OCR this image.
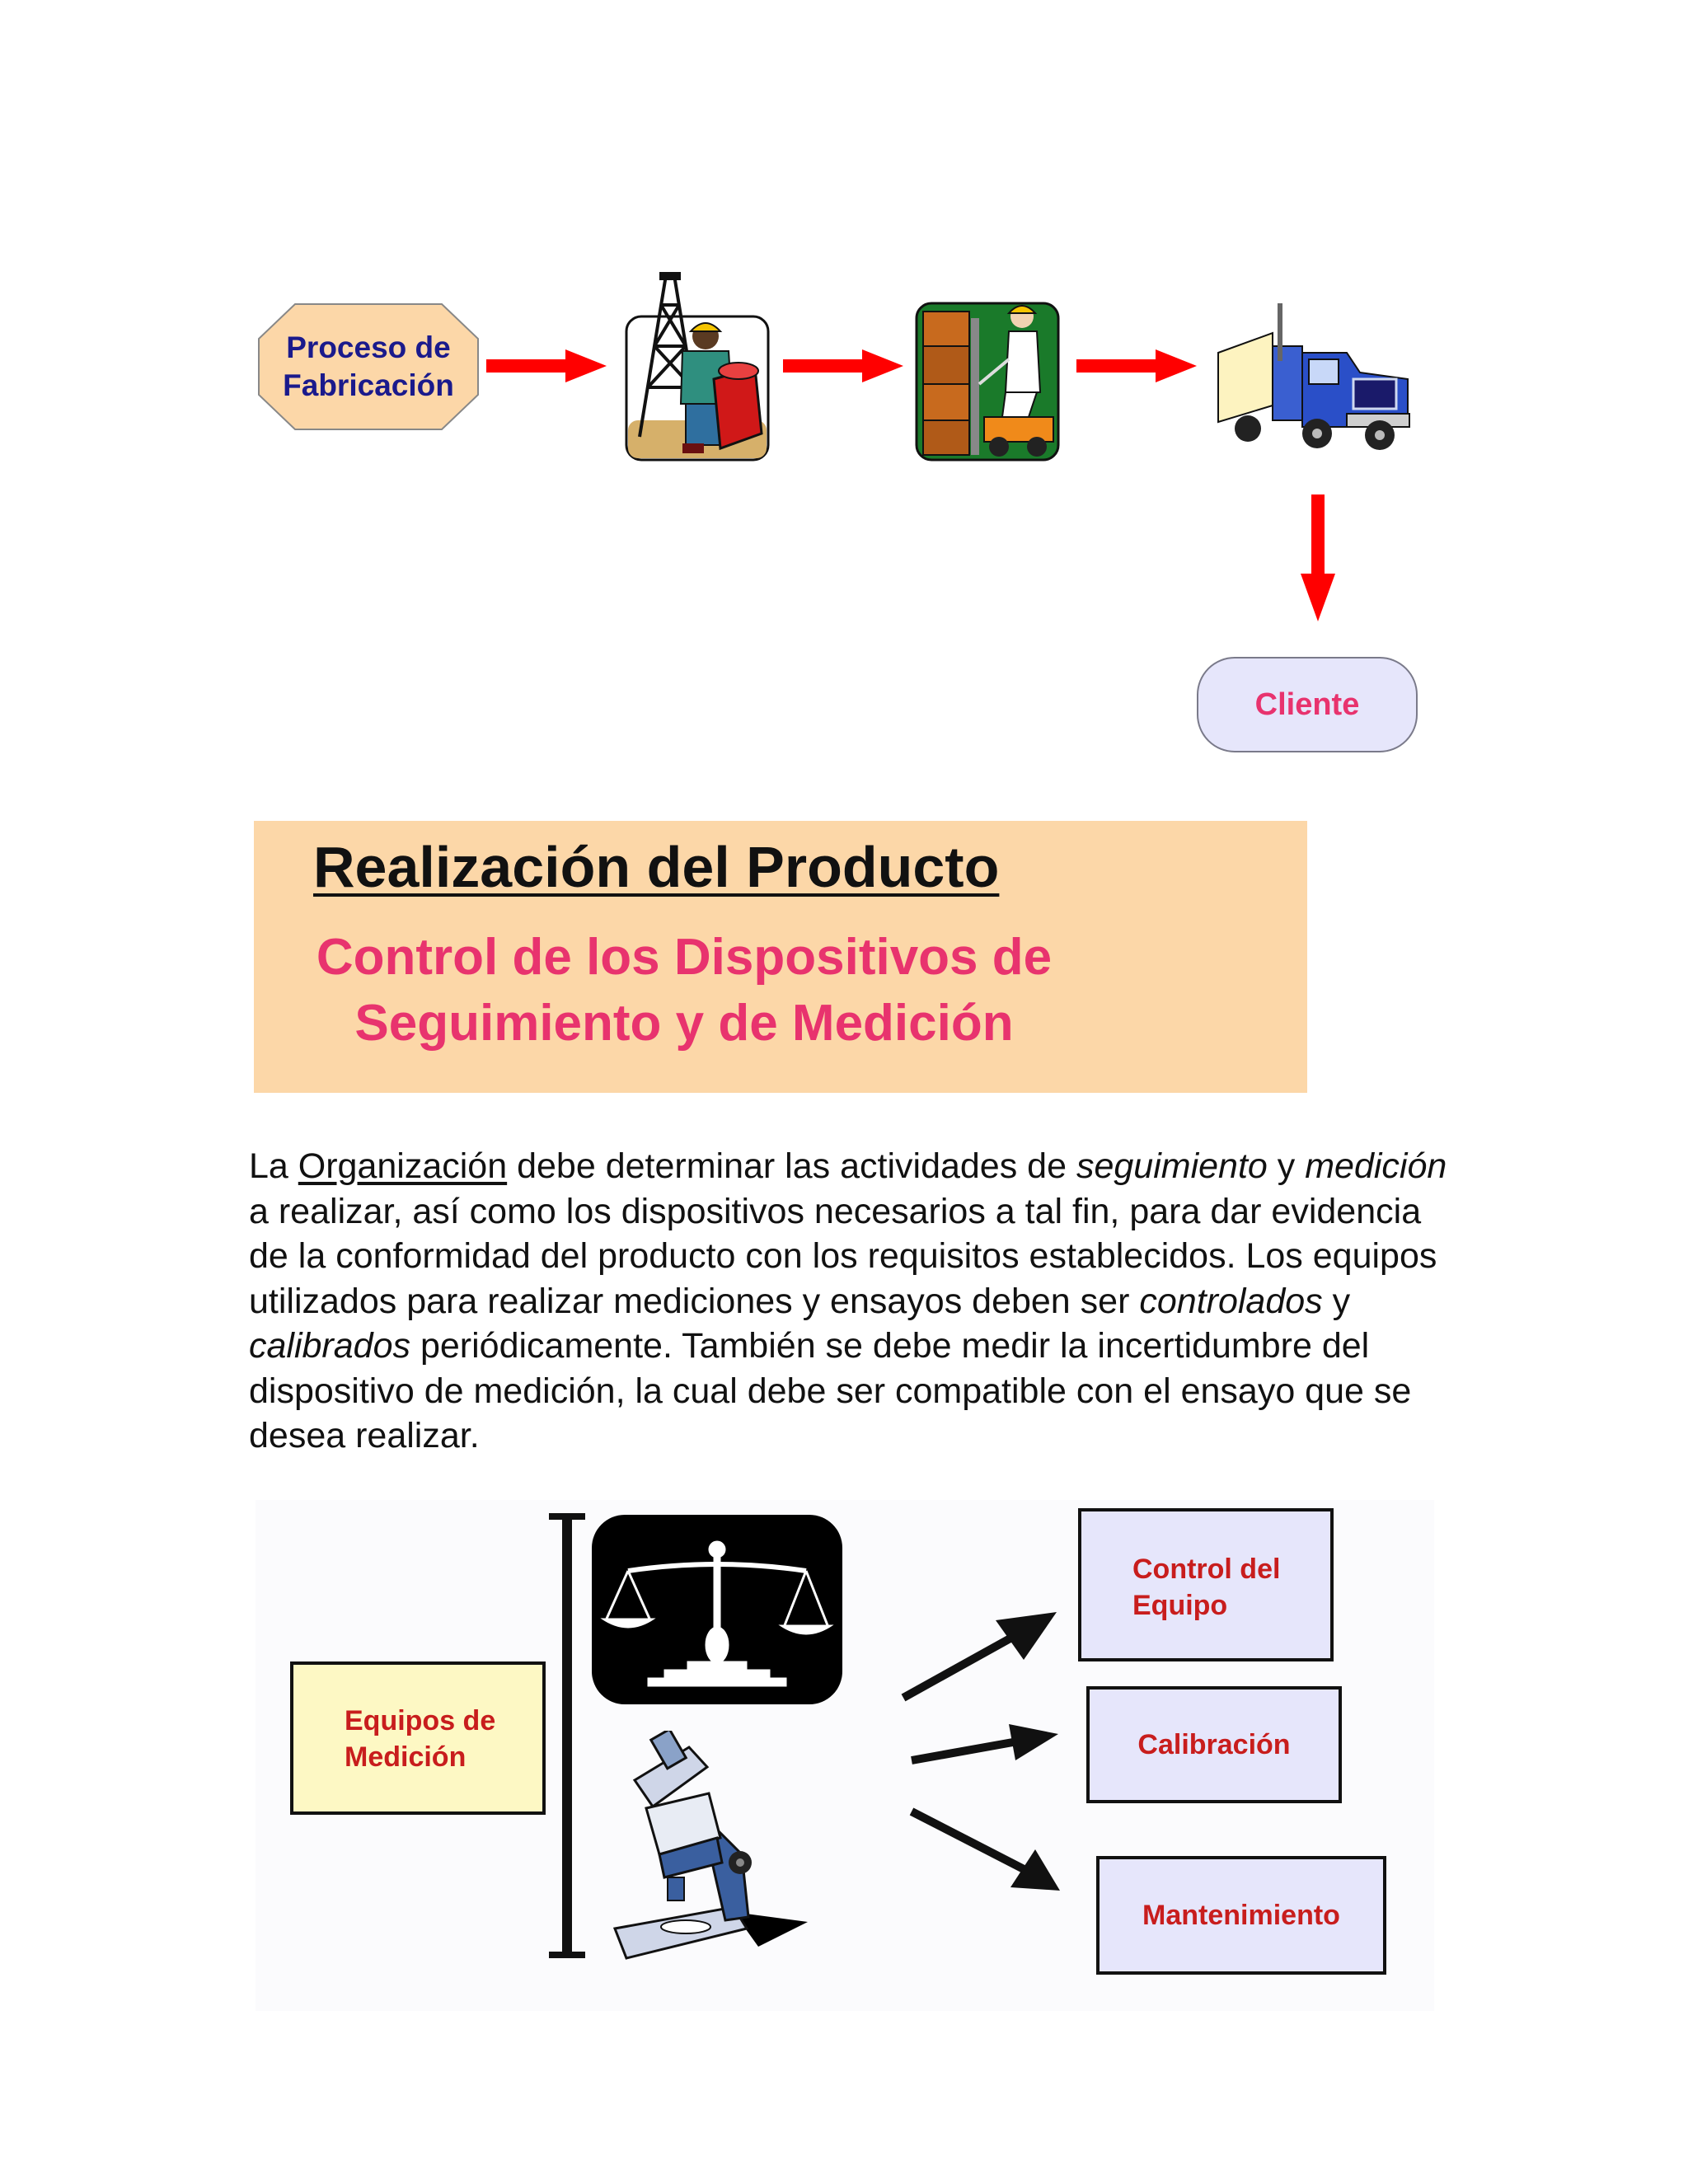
Proceso de
Fabricación
Cliente
Realización del Producto
Control de los Dispositivos de
Seguimiento y de Medición
La Organización debe determinar las actividades de seguimiento y medición a realizar, así como los dispositivos necesarios a tal fin, para dar evidencia de la conformidad del producto con los requisitos establecidos. Los equipos utilizados para realizar mediciones y ensayos deben ser controlados y calibrados periódicamente. También se debe medir la incertidumbre del dispositivo de medición, la cual debe ser compatible con el ensayo que se desea realizar.
Equipos de
Medición
Control del
Equipo
Calibración
Mantenimiento
